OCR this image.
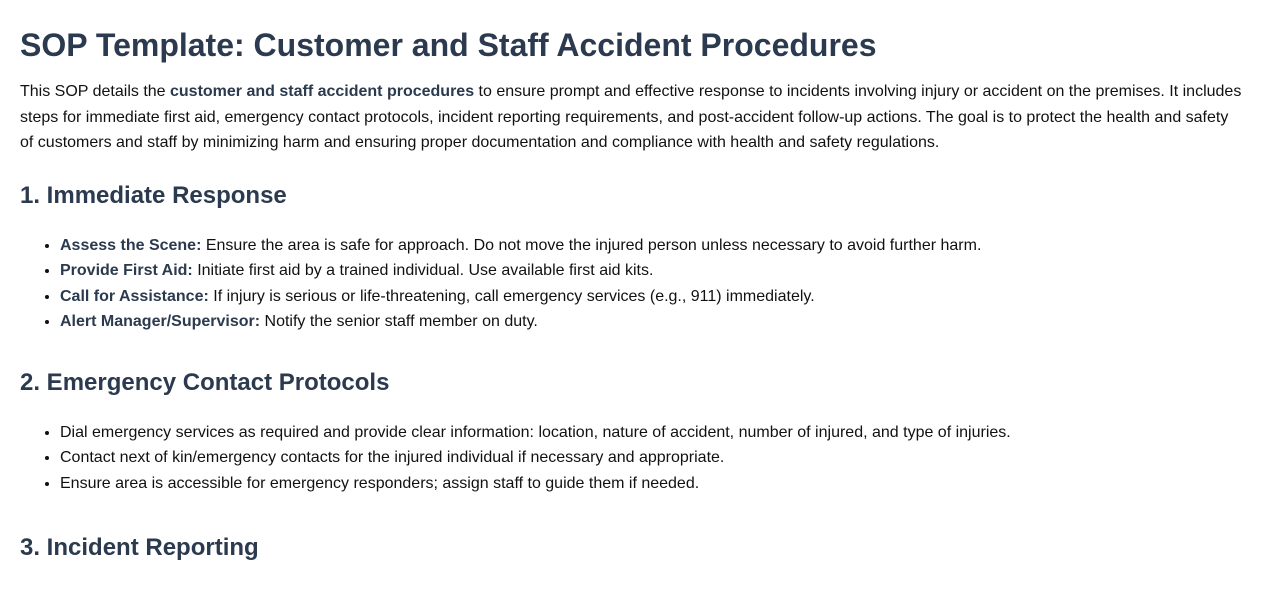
SOP Template: Customer and Staff Accident Procedures

This SOP details the customer and staff accident procedures to ensure prompt and effective response to incidents involving injury or accident on the premises. It includes steps for immediate first aid, emergency contact protocols, incident reporting requirements, and post-accident follow-up actions. The goal is to protect the health and safety of customers and staff by minimizing harm and ensuring proper documentation and compliance with health and safety regulations.

1. Immediate Response
• Assess the Scene: Ensure the area is safe for approach. Do not move the injured person unless necessary to avoid further harm.
• Provide First Aid: Initiate first aid by a trained individual. Use available first aid kits.
• Call for Assistance: If injury is serious or life-threatening, call emergency services (e.g., 911) immediately.
• Alert Manager/Supervisor: Notify the senior staff member on duty.
2. Emergency Contact Protocols
• Dial emergency services as required and provide clear information: location, nature of accident, number of injured, and type of injuries.
• Contact next of kin/emergency contacts for the injured individual if necessary and appropriate.
• Ensure area is accessible for emergency responders; assign staff to guide them if needed.
3. Incident Reporting
